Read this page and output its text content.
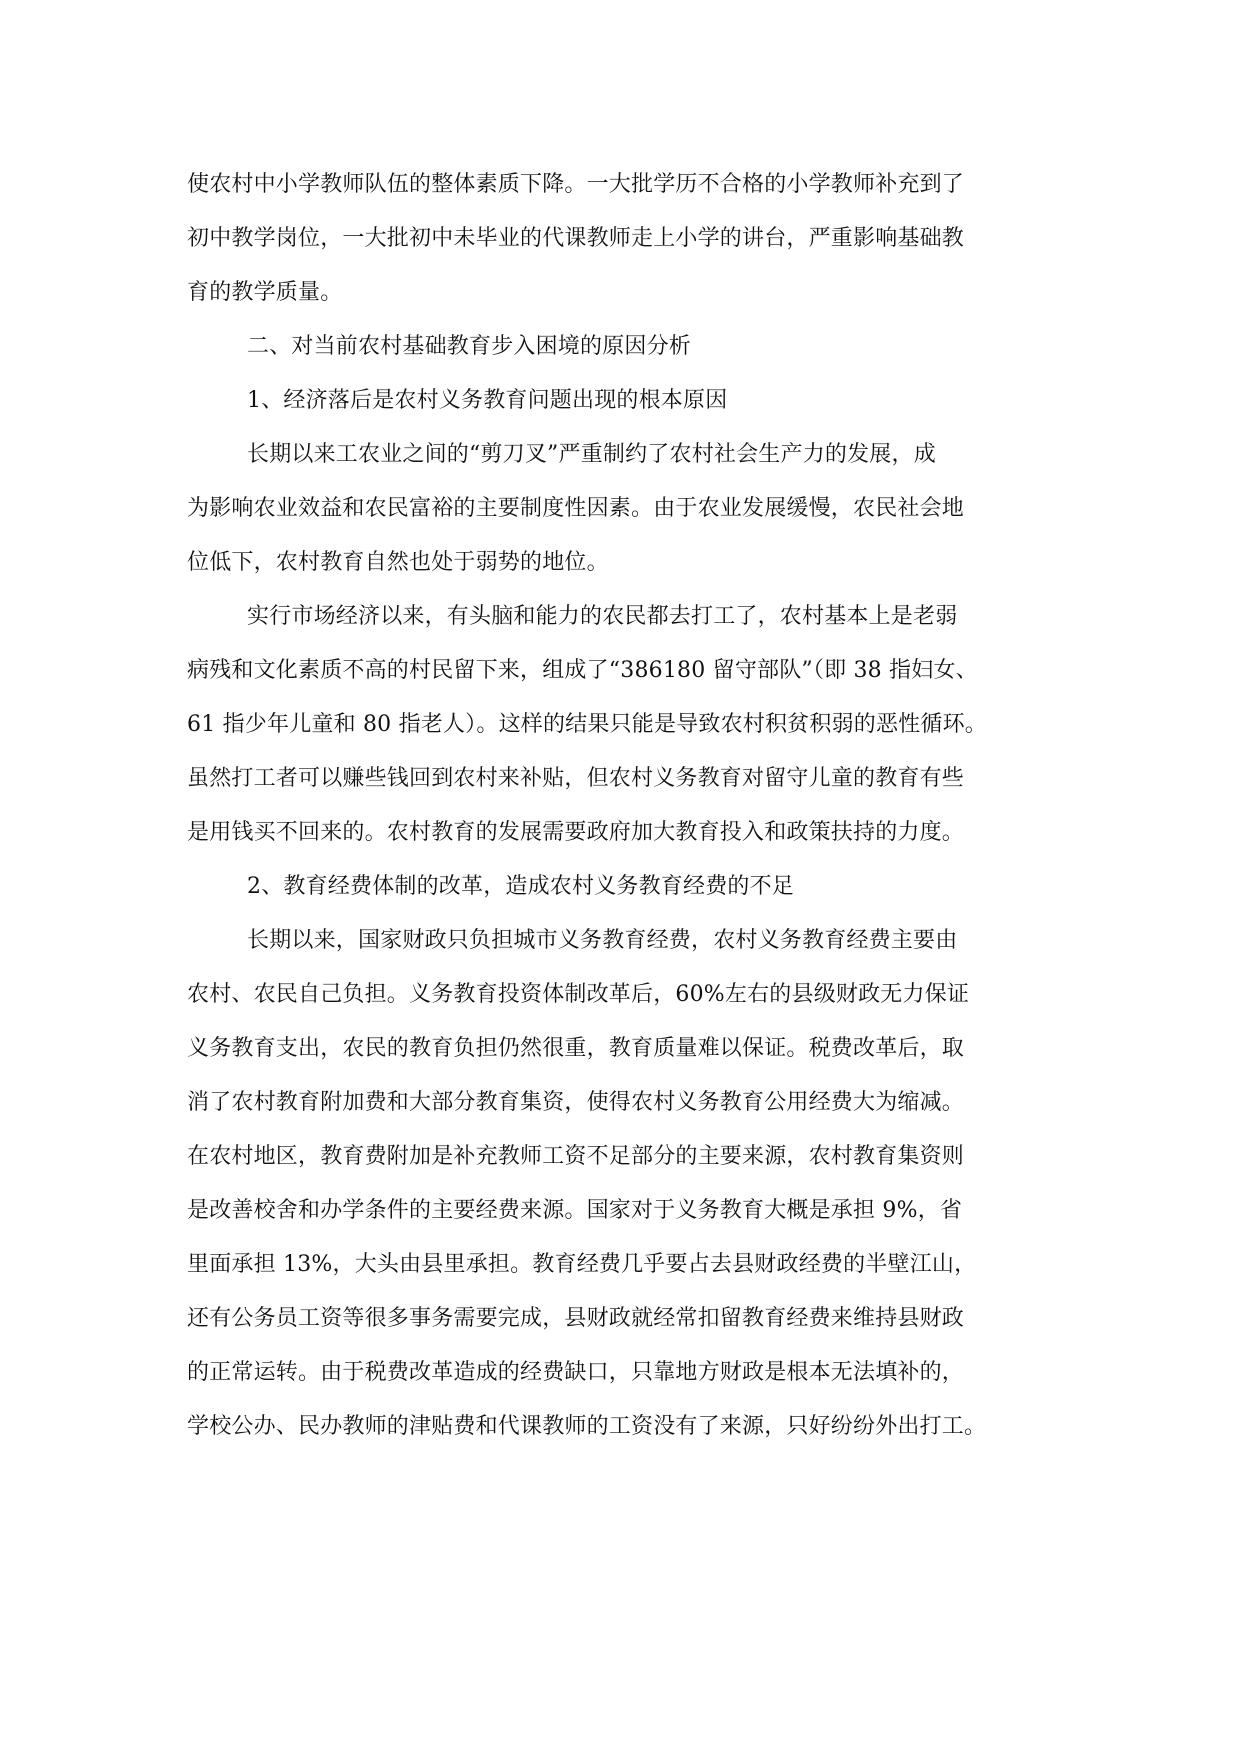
使农村中小学教师队伍的整体素质下降。一大批学历不合格的小学教师补充到了
初中教学岗位，一大批初中未毕业的代课教师走上小学的讲台，严重影响基础教
育的教学质量。
二、对当前农村基础教育步入困境的原因分析
1、经济落后是农村义务教育问题出现的根本原因
长期以来工农业之间的“剪刀叉”严重制约了农村社会生产力的发展，成
为影响农业效益和农民富裕的主要制度性因素。由于农业发展缓慢，农民社会地
位低下，农村教育自然也处于弱势的地位。
实行市场经济以来，有头脑和能力的农民都去打工了，农村基本上是老弱
病残和文化素质不高的村民留下来，组成了“386180 留守部队”（即 38 指妇女、
61 指少年儿童和 80 指老人）。这样的结果只能是导致农村积贫积弱的恶性循环。
虽然打工者可以赚些钱回到农村来补贴，但农村义务教育对留守儿童的教育有些
是用钱买不回来的。农村教育的发展需要政府加大教育投入和政策扶持的力度。
2、教育经费体制的改革，造成农村义务教育经费的不足
长期以来，国家财政只负担城市义务教育经费，农村义务教育经费主要由
农村、农民自己负担。义务教育投资体制改革后，60%左右的县级财政无力保证
义务教育支出，农民的教育负担仍然很重，教育质量难以保证。税费改革后，取
消了农村教育附加费和大部分教育集资，使得农村义务教育公用经费大为缩减。
在农村地区，教育费附加是补充教师工资不足部分的主要来源，农村教育集资则
是改善校舍和办学条件的主要经费来源。国家对于义务教育大概是承担 9%，省
里面承担 13%，大头由县里承担。教育经费几乎要占去县财政经费的半壁江山，
还有公务员工资等很多事务需要完成，县财政就经常扣留教育经费来维持县财政
的正常运转。由于税费改革造成的经费缺口，只靠地方财政是根本无法填补的，
学校公办、民办教师的津贴费和代课教师的工资没有了来源，只好纷纷外出打工。
